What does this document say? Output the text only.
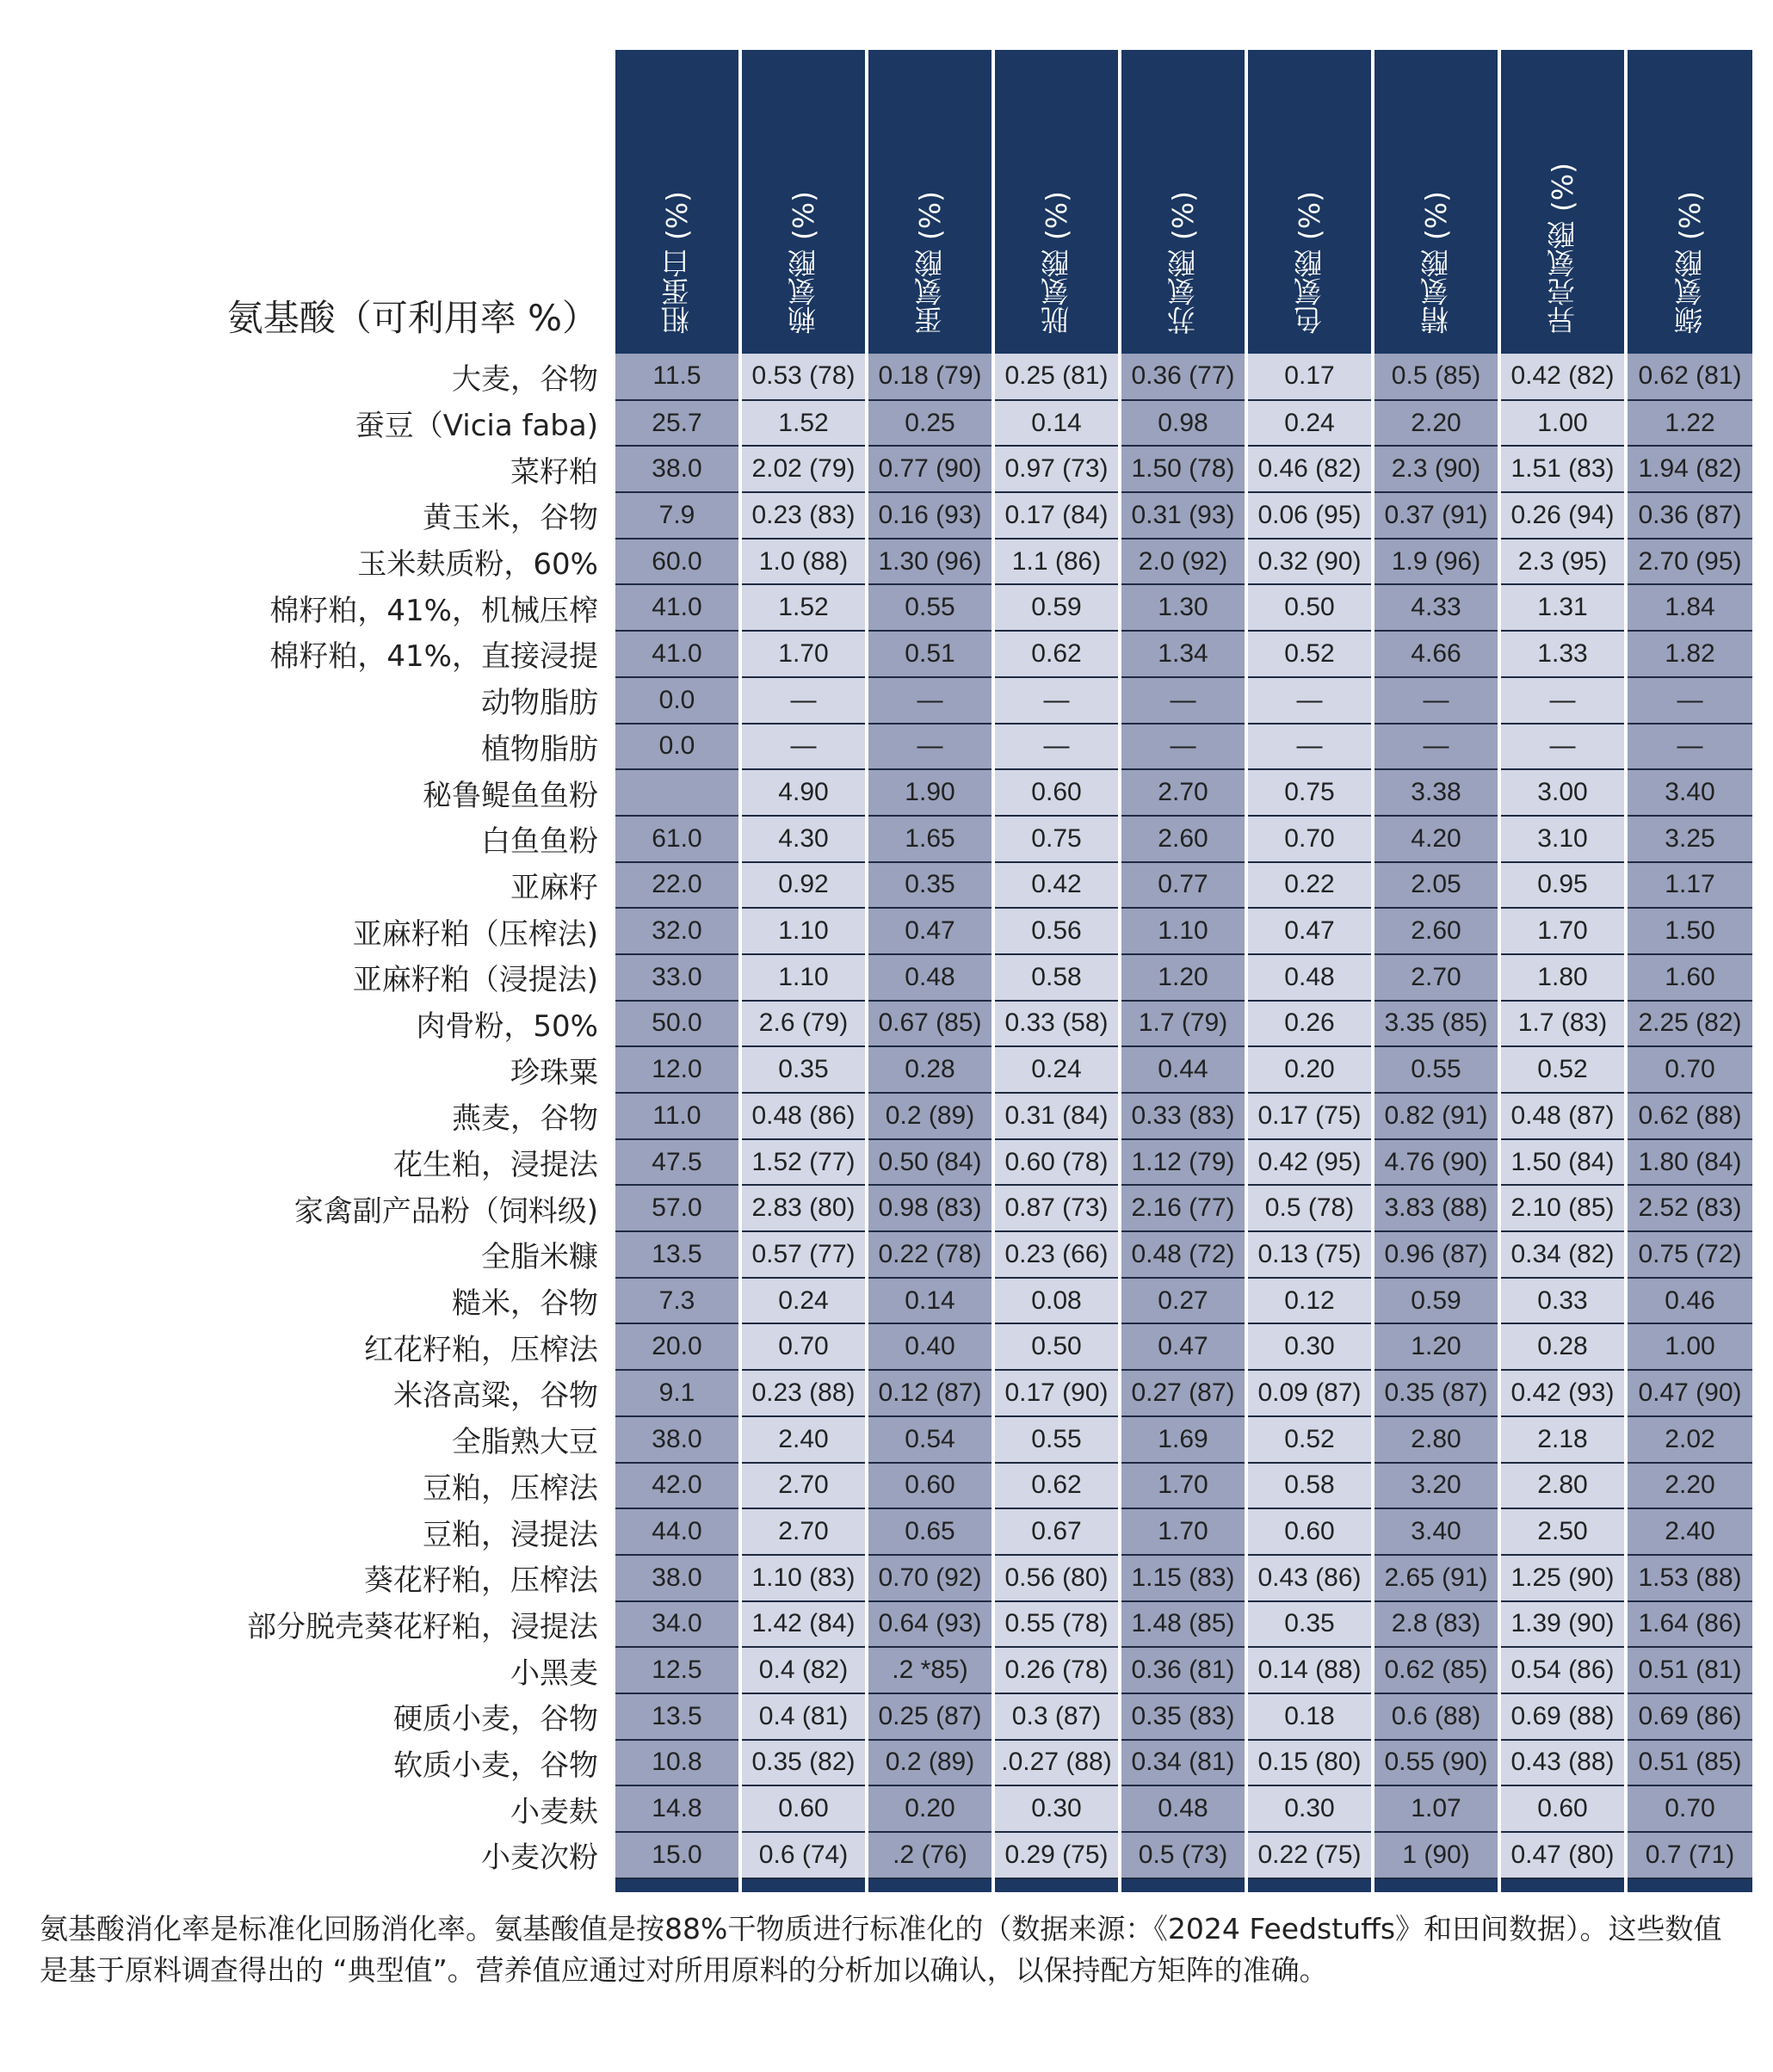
氨基酸（可利用率 %）	粗蛋白 (%)	赖氨酸 (%)	蛋氨酸 (%)	胱氨酸 (%)	苏氨酸 (%)	色氨酸 (%)	精氨酸 (%)	异亮氨酸 (%)	缬氨酸 (%)
大麦，谷物	11.5	0.53 (78)	0.18 (79)	0.25 (81)	0.36 (77)	0.17	0.5 (85)	0.42 (82)	0.62 (81)
蚕豆（Vicia faba)	25.7	1.52	0.25	0.14	0.98	0.24	2.20	1.00	1.22
菜籽粕	38.0	2.02 (79)	0.77 (90)	0.97 (73)	1.50 (78)	0.46 (82)	2.3 (90)	1.51 (83)	1.94 (82)
黄玉米，谷物	7.9	0.23 (83)	0.16 (93)	0.17 (84)	0.31 (93)	0.06 (95)	0.37 (91)	0.26 (94)	0.36 (87)
玉米麸质粉，60%	60.0	1.0 (88)	1.30 (96)	1.1 (86)	2.0 (92)	0.32 (90)	1.9 (96)	2.3 (95)	2.70 (95)
棉籽粕，41%，机械压榨	41.0	1.52	0.55	0.59	1.30	0.50	4.33	1.31	1.84
棉籽粕，41%，直接浸提	41.0	1.70	0.51	0.62	1.34	0.52	4.66	1.33	1.82
动物脂肪	0.0	—	—	—	—	—	—	—	—
植物脂肪	0.0	—	—	—	—	—	—	—	—
秘鲁鳀鱼鱼粉		4.90	1.90	0.60	2.70	0.75	3.38	3.00	3.40
白鱼鱼粉	61.0	4.30	1.65	0.75	2.60	0.70	4.20	3.10	3.25
亚麻籽	22.0	0.92	0.35	0.42	0.77	0.22	2.05	0.95	1.17
亚麻籽粕（压榨法)	32.0	1.10	0.47	0.56	1.10	0.47	2.60	1.70	1.50
亚麻籽粕（浸提法)	33.0	1.10	0.48	0.58	1.20	0.48	2.70	1.80	1.60
肉骨粉，50%	50.0	2.6 (79)	0.67 (85)	0.33 (58)	1.7 (79)	0.26	3.35 (85)	1.7 (83)	2.25 (82)
珍珠粟	12.0	0.35	0.28	0.24	0.44	0.20	0.55	0.52	0.70
燕麦，谷物	11.0	0.48 (86)	0.2 (89)	0.31 (84)	0.33 (83)	0.17 (75)	0.82 (91)	0.48 (87)	0.62 (88)
花生粕，浸提法	47.5	1.52 (77)	0.50 (84)	0.60 (78)	1.12 (79)	0.42 (95)	4.76 (90)	1.50 (84)	1.80 (84)
家禽副产品粉（饲料级)	57.0	2.83 (80)	0.98 (83)	0.87 (73)	2.16 (77)	0.5 (78)	3.83 (88)	2.10 (85)	2.52 (83)
全脂米糠	13.5	0.57 (77)	0.22 (78)	0.23 (66)	0.48 (72)	0.13 (75)	0.96 (87)	0.34 (82)	0.75 (72)
糙米，谷物	7.3	0.24	0.14	0.08	0.27	0.12	0.59	0.33	0.46
红花籽粕，压榨法	20.0	0.70	0.40	0.50	0.47	0.30	1.20	0.28	1.00
米洛高粱，谷物	9.1	0.23 (88)	0.12 (87)	0.17 (90)	0.27 (87)	0.09 (87)	0.35 (87)	0.42 (93)	0.47 (90)
全脂熟大豆	38.0	2.40	0.54	0.55	1.69	0.52	2.80	2.18	2.02
豆粕，压榨法	42.0	2.70	0.60	0.62	1.70	0.58	3.20	2.80	2.20
豆粕，浸提法	44.0	2.70	0.65	0.67	1.70	0.60	3.40	2.50	2.40
葵花籽粕，压榨法	38.0	1.10 (83)	0.70 (92)	0.56 (80)	1.15 (83)	0.43 (86)	2.65 (91)	1.25 (90)	1.53 (88)
部分脱壳葵花籽粕，浸提法	34.0	1.42 (84)	0.64 (93)	0.55 (78)	1.48 (85)	0.35	2.8 (83)	1.39 (90)	1.64 (86)
小黑麦	12.5	0.4 (82)	.2 *85)	0.26 (78)	0.36 (81)	0.14 (88)	0.62 (85)	0.54 (86)	0.51 (81)
硬质小麦，谷物	13.5	0.4 (81)	0.25 (87)	0.3 (87)	0.35 (83)	0.18	0.6 (88)	0.69 (88)	0.69 (86)
软质小麦，谷物	10.8	0.35 (82)	0.2 (89)	.0.27 (88)	0.34 (81)	0.15 (80)	0.55 (90)	0.43 (88)	0.51 (85)
小麦麸	14.8	0.60	0.20	0.30	0.48	0.30	1.07	0.60	0.70
小麦次粉	15.0	0.6 (74)	.2 (76)	0.29 (75)	0.5 (73)	0.22 (75)	1 (90)	0.47 (80)	0.7 (71)

氨基酸消化率是标准化回肠消化率。氨基酸值是按88%干物质进行标准化的（数据来源：《2024 Feedstuffs》和田间数据）。这些数值是基于原料调查得出的 “典型值”。营养值应通过对所用原料的分析加以确认，以保持配方矩阵的准确。
